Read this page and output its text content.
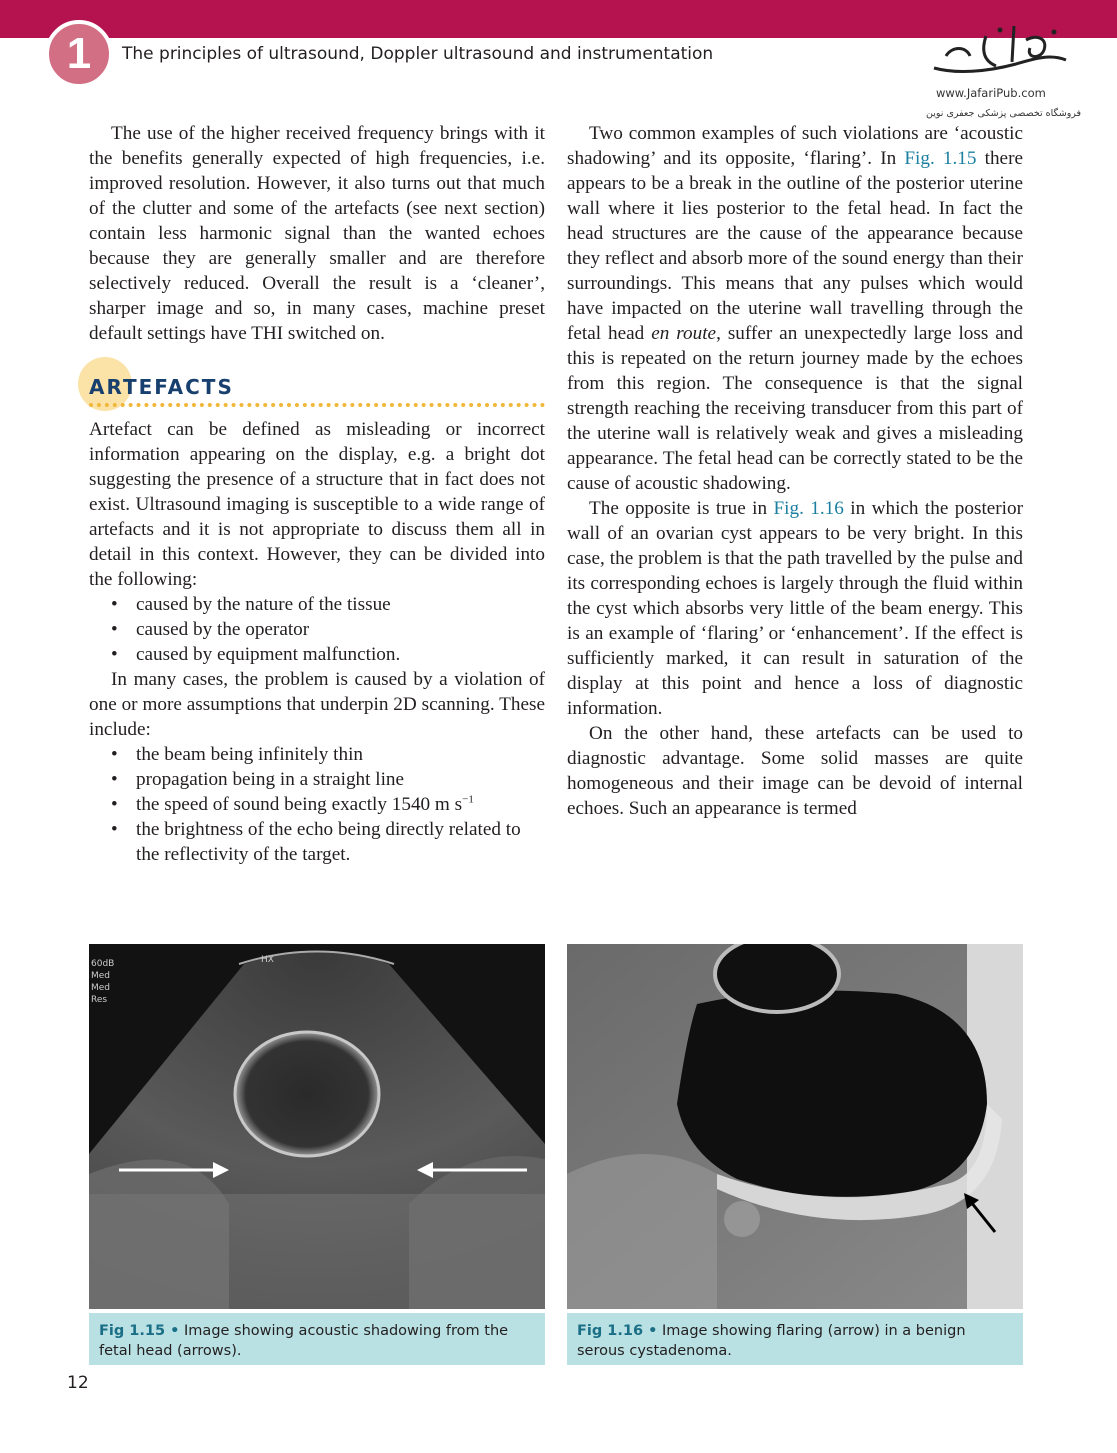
1	The principles of ultrasound, Doppler ultrasound and instrumentation
www.JafariPub.com
فروشگاه تخصصی پزشکی جعفری نوین

The use of the higher received frequency brings with it the benefits generally expected of high frequencies, i.e. improved resolution. However, it also turns out that much of the clutter and some of the artefacts (see next section) contain less harmonic signal than the wanted echoes because they are generally smaller and are therefore selectively reduced. Overall the result is a ‘cleaner’, sharper image and so, in many cases, machine preset default settings have THI switched on.

ARTEFACTS

Artefact can be defined as misleading or incorrect information appearing on the display, e.g. a bright dot suggesting the presence of a structure that in fact does not exist. Ultrasound imaging is susceptible to a wide range of artefacts and it is not appropriate to discuss them all in detail in this context. However, they can be divided into the following:

• caused by the nature of the tissue
• caused by the operator
• caused by equipment malfunction.

In many cases, the problem is caused by a violation of one or more assumptions that underpin 2D scanning. These include:

• the beam being infinitely thin
• propagation being in a straight line
• the speed of sound being exactly 1540 m $s^{-1}$
• the brightness of the echo being directly related to the reflectivity of the target.

Two common examples of such violations are ‘acoustic shadowing’ and its opposite, ‘flaring’. In Fig. 1.15 there appears to be a break in the outline of the posterior uterine wall where it lies posterior to the fetal head. In fact the head structures are the cause of the appearance because they reflect and absorb more of the sound energy than their surroundings. This means that any pulses which would have impacted on the uterine wall travelling through the fetal head en route, suffer an unexpectedly large loss and this is repeated on the return journey made by the echoes from this region. The consequence is that the signal strength reaching the receiving transducer from this part of the uterine wall is relatively weak and gives a misleading appearance. The fetal head can be correctly stated to be the cause of acoustic shadowing.

The opposite is true in Fig. 1.16 in which the posterior wall of an ovarian cyst appears to be very bright. In this case, the problem is that the path travelled by the pulse and its corresponding echoes is largely through the fluid within the cyst which absorbs very little of the beam energy. This is an example of ‘flaring’ or ‘enhancement’. If the effect is sufficiently marked, it can result in saturation of the display at this point and hence a loss of diagnostic information.

On the other hand, these artefacts can be used to diagnostic advantage. Some solid masses are quite homogeneous and their image can be devoid of internal echoes. Such an appearance is termed

60dB
Med
Med
Res
HX
Fig 1.15 • Image showing acoustic shadowing from the fetal head (arrows).
Fig 1.16 • Image showing flaring (arrow) in a benign serous cystadenoma.
12
